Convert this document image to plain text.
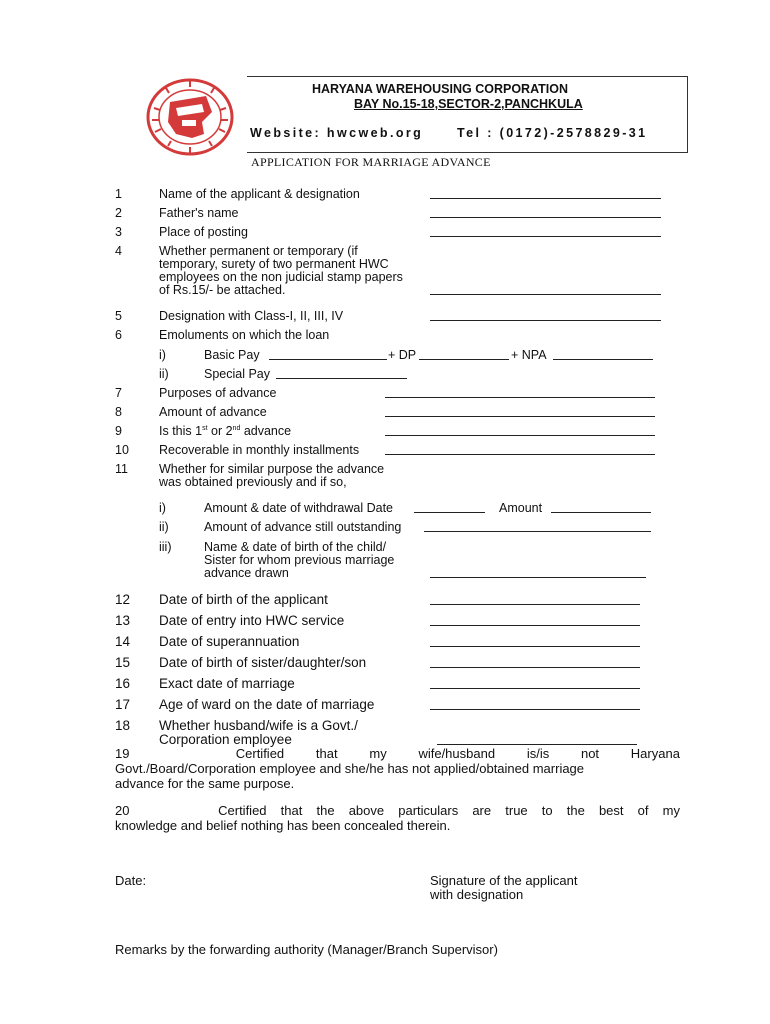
HARYANA WAREHOUSING CORPORATION
BAY No.15-18,SECTOR-2,PANCHKULA
Website: hwcweb.org	Tel : (0172)-2578829-31
APPLICATION FOR MARRIAGE ADVANCE
1	Name of the applicant & designation
2	Father's name
3	Place of posting
4	Whether permanent or temporary (if
temporary, surety of two permanent HWC
employees on the non judicial stamp papers
of Rs.15/- be attached.
5	Designation with Class-I, II, III, IV
6	Emoluments on which the loan
i)	Basic Pay	+ DP	+ NPA
ii)	Special Pay
7	Purposes of advance
8	Amount of advance
9	Is this 1st or 2nd advance
10 Recoverable in monthly installments
11 Whether for similar purpose the advance
was obtained previously and if so,
i)	Amount & date of withdrawal Date	Amount
ii)	Amount of advance still outstanding
iii)	Name & date of birth of the child/
Sister for whom previous marriage
advance drawn
12 Date of birth of the applicant
13 Date of entry into HWC service
14 Date of superannuation
15 Date of birth of sister/daughter/son
16 Exact date of marriage
17 Age of ward on the date of marriage
18 Whether husband/wife is a Govt./
Corporation employee
19	Certified that my wife/husband is/is not Haryana
Govt./Board/Corporation employee and she/he has not applied/obtained marriage
advance for the same purpose.
20	Certified that the above particulars are true to the best of my
knowledge and belief nothing has been concealed therein.
Date:	Signature of the applicant
with designation
Remarks by the forwarding authority (Manager/Branch Supervisor)
